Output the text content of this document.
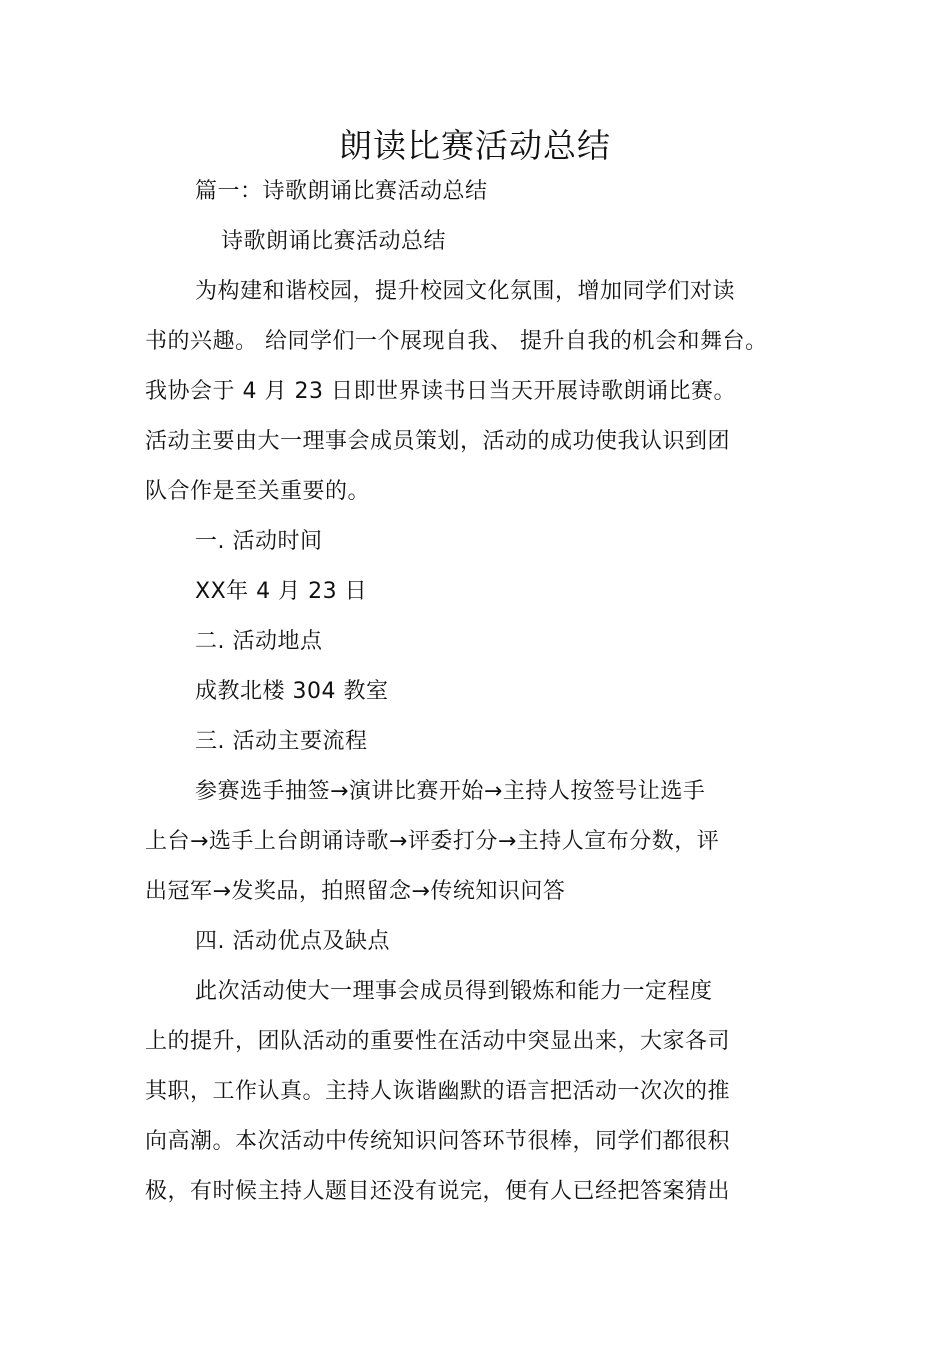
朗读比赛活动总结
篇一：诗歌朗诵比赛活动总结
诗歌朗诵比赛活动总结
为构建和谐校园，提升校园文化氛围，增加同学们对读
书的兴趣。 给同学们一个展现自我、 提升自我的机会和舞台。
我协会于 4 月 23 日即世界读书日当天开展诗歌朗诵比赛。
活动主要由大一理事会成员策划，活动的成功使我认识到团
队合作是至关重要的。
一. 活动时间
XX年 4 月 23 日
二. 活动地点
成教北楼 304 教室
三. 活动主要流程
参赛选手抽签→演讲比赛开始→主持人按签号让选手
上台→选手上台朗诵诗歌→评委打分→主持人宣布分数，评
出冠军→发奖品，拍照留念→传统知识问答
四. 活动优点及缺点
此次活动使大一理事会成员得到锻炼和能力一定程度
上的提升，团队活动的重要性在活动中突显出来，大家各司
其职，工作认真。主持人诙谐幽默的语言把活动一次次的推
向高潮。本次活动中传统知识问答环节很棒，同学们都很积
极，有时候主持人题目还没有说完，便有人已经把答案猜出
